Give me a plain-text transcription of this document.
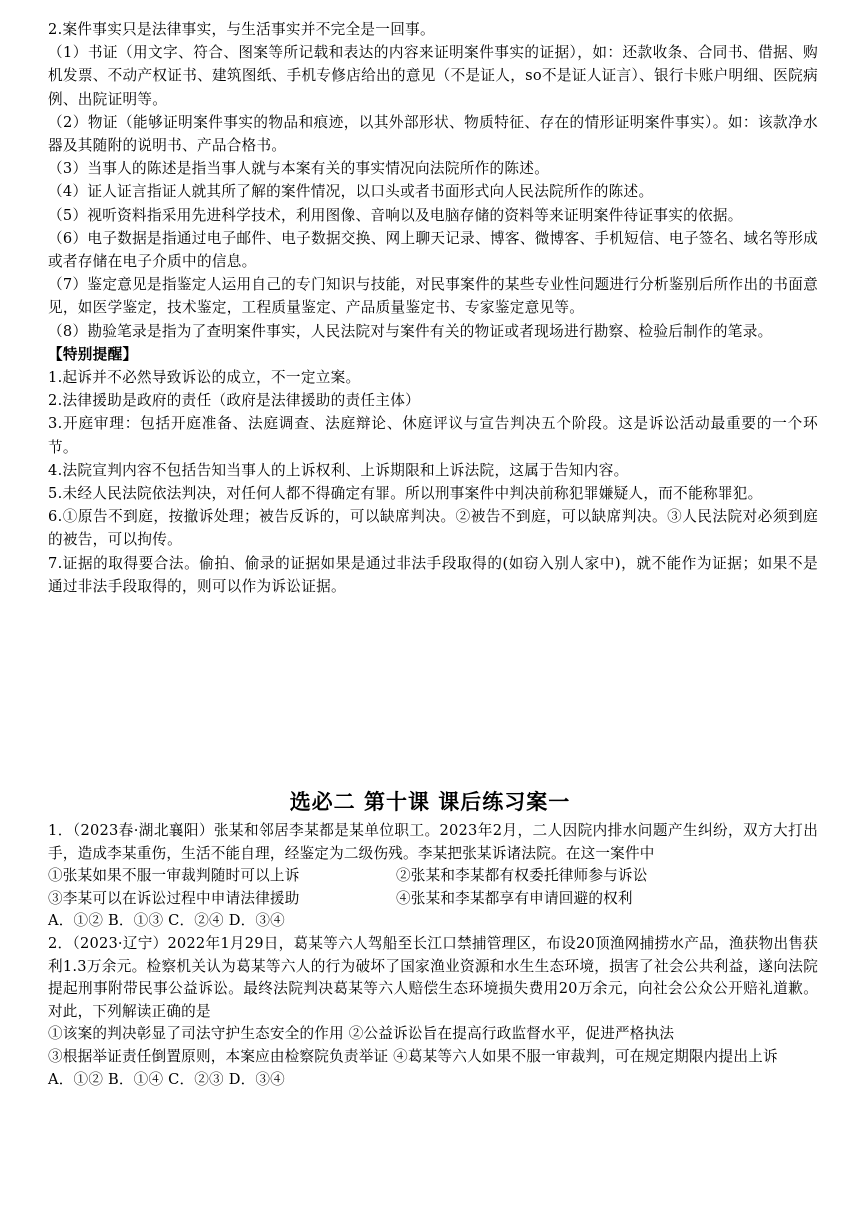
2.案件事实只是法律事实，与生活事实并不完全是一回事。

（1）书证（用文字、符合、图案等所记载和表达的内容来证明案件事实的证据），如：还款收条、合同书、借据、购机发票、不动产权证书、建筑图纸、手机专修店给出的意见（不是证人，so不是证人证言）、银行卡账户明细、医院病例、出院证明等。

（2）物证（能够证明案件事实的物品和痕迹，以其外部形状、物质特征、存在的情形证明案件事实）。如：该款净水器及其随附的说明书、产品合格书。

（3）当事人的陈述是指当事人就与本案有关的事实情况向法院所作的陈述。

（4）证人证言指证人就其所了解的案件情况，以口头或者书面形式向人民法院所作的陈述。

（5）视听资料指采用先进科学技术，利用图像、音响以及电脑存储的资料等来证明案件待证事实的依据。

（6）电子数据是指通过电子邮件、电子数据交换、网上聊天记录、博客、微博客、手机短信、电子签名、域名等形成或者存储在电子介质中的信息。

（7）鉴定意见是指鉴定人运用自己的专门知识与技能，对民事案件的某些专业性问题进行分析鉴别后所作出的书面意见，如医学鉴定，技术鉴定，工程质量鉴定、产品质量鉴定书、专家鉴定意见等。

（8）勘验笔录是指为了查明案件事实，人民法院对与案件有关的物证或者现场进行勘察、检验后制作的笔录。

【特别提醒】

1.起诉并不必然导致诉讼的成立，不一定立案。

2.法律援助是政府的责任（政府是法律援助的责任主体）

3.开庭审理：包括开庭准备、法庭调查、法庭辩论、休庭评议与宣告判决五个阶段。这是诉讼活动最重要的一个环节。

4.法院宣判内容不包括告知当事人的上诉权利、上诉期限和上诉法院，这属于告知内容。

5.未经人民法院依法判决，对任何人都不得确定有罪。所以刑事案件中判决前称犯罪嫌疑人，而不能称罪犯。

6.①原告不到庭，按撤诉处理；被告反诉的，可以缺席判决。②被告不到庭，可以缺席判决。③人民法院对必须到庭的被告，可以拘传。

7.证据的取得要合法。偷拍、偷录的证据如果是通过非法手段取得的(如窃入别人家中)，就不能作为证据；如果不是通过非法手段取得的，则可以作为诉讼证据。

选必二 第十课 课后练习案一

1．（2023春·湖北襄阳）张某和邻居李某都是某单位职工。2023年2月，二人因院内排水问题产生纠纷，双方大打出手，造成李某重伤，生活不能自理，经鉴定为二级伤残。李某把张某诉诸法院。在这一案件中

①张某如果不服一审裁判随时可以上诉	②张某和李某都有权委托律师参与诉讼
③李某可以在诉讼过程中申请法律援助	④张某和李某都享有申请回避的权利

A．①② B．①③ C．②④ D．③④

2．（2023·辽宁）2022年1月29日，葛某等六人驾船至长江口禁捕管理区，布设20顶渔网捕捞水产品，渔获物出售获利1.3万余元。检察机关认为葛某等六人的行为破坏了国家渔业资源和水生生态环境，损害了社会公共利益，遂向法院提起刑事附带民事公益诉讼。最终法院判决葛某等六人赔偿生态环境损失费用20万余元，向社会公众公开赔礼道歉。对此，下列解读正确的是

①该案的判决彰显了司法守护生态安全的作用 ②公益诉讼旨在提高行政监督水平，促进严格执法

③根据举证责任倒置原则，本案应由检察院负责举证 ④葛某等六人如果不服一审裁判，可在规定期限内提出上诉

A．①② B．①④ C．②③ D．③④
